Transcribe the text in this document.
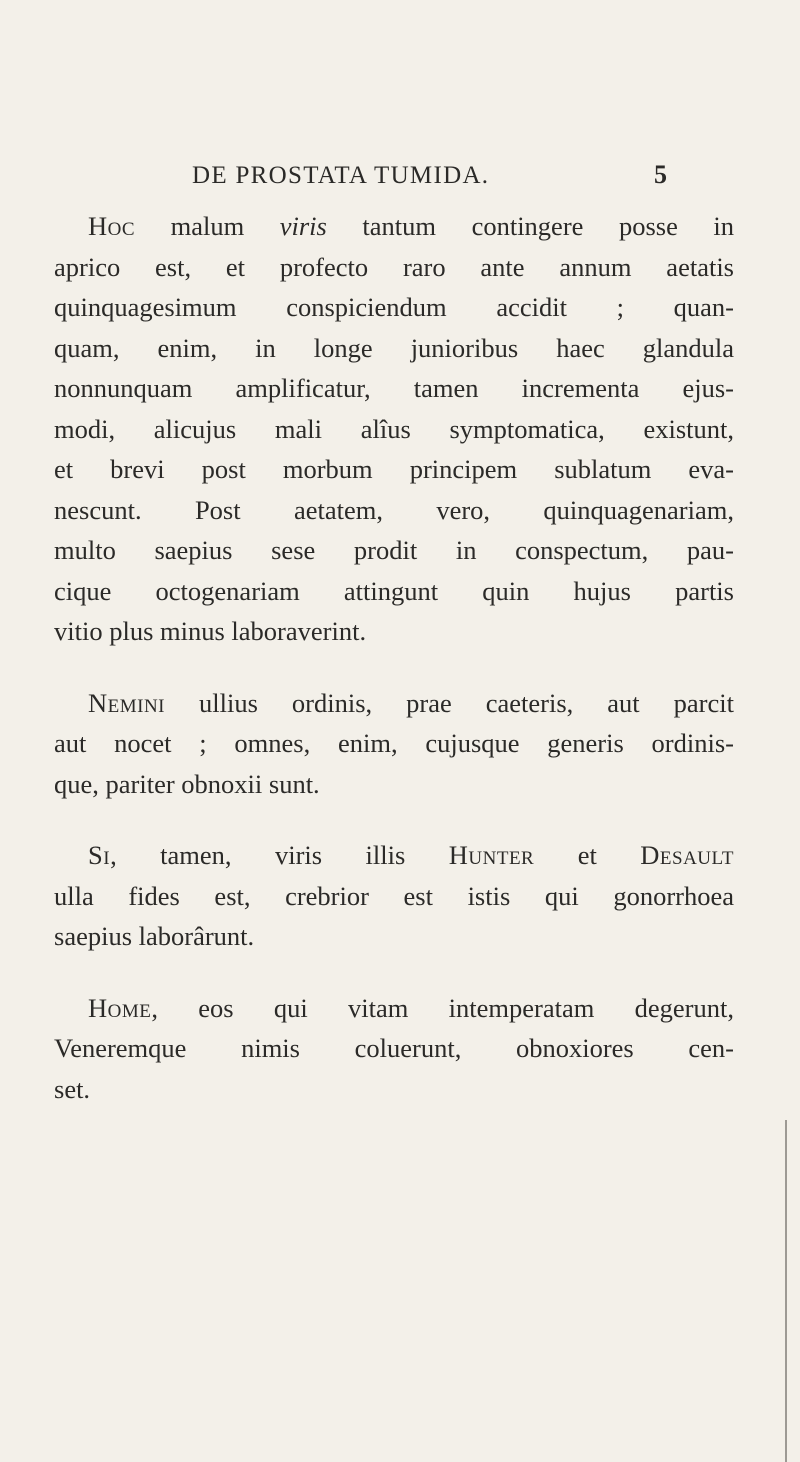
DE PROSTATA TUMIDA.	5
Hoc malum viris tantum contingere posse in
aprico est, et profecto raro ante annum aetatis
quinquagesimum conspiciendum accidit ; quan-
quam, enim, in longe junioribus haec glandula
nonnunquam amplificatur, tamen incrementa ejus-
modi, alicujus mali alîus symptomatica, existunt,
et brevi post morbum principem sublatum eva-
nescunt. Post aetatem, vero, quinquagenariam,
multo saepius sese prodit in conspectum, pau-
cique octogenariam attingunt quin hujus partis
vitio plus minus laboraverint.
Nemini ullius ordinis, prae caeteris, aut parcit
aut nocet ; omnes, enim, cujusque generis ordinis-
que, pariter obnoxii sunt.
Si, tamen, viris illis Hunter et Desault
ulla fides est, crebrior est istis qui gonorrhoea
saepius laborârunt.
Home, eos qui vitam intemperatam degerunt,
Veneremque nimis coluerunt, obnoxiores cen-
set.
